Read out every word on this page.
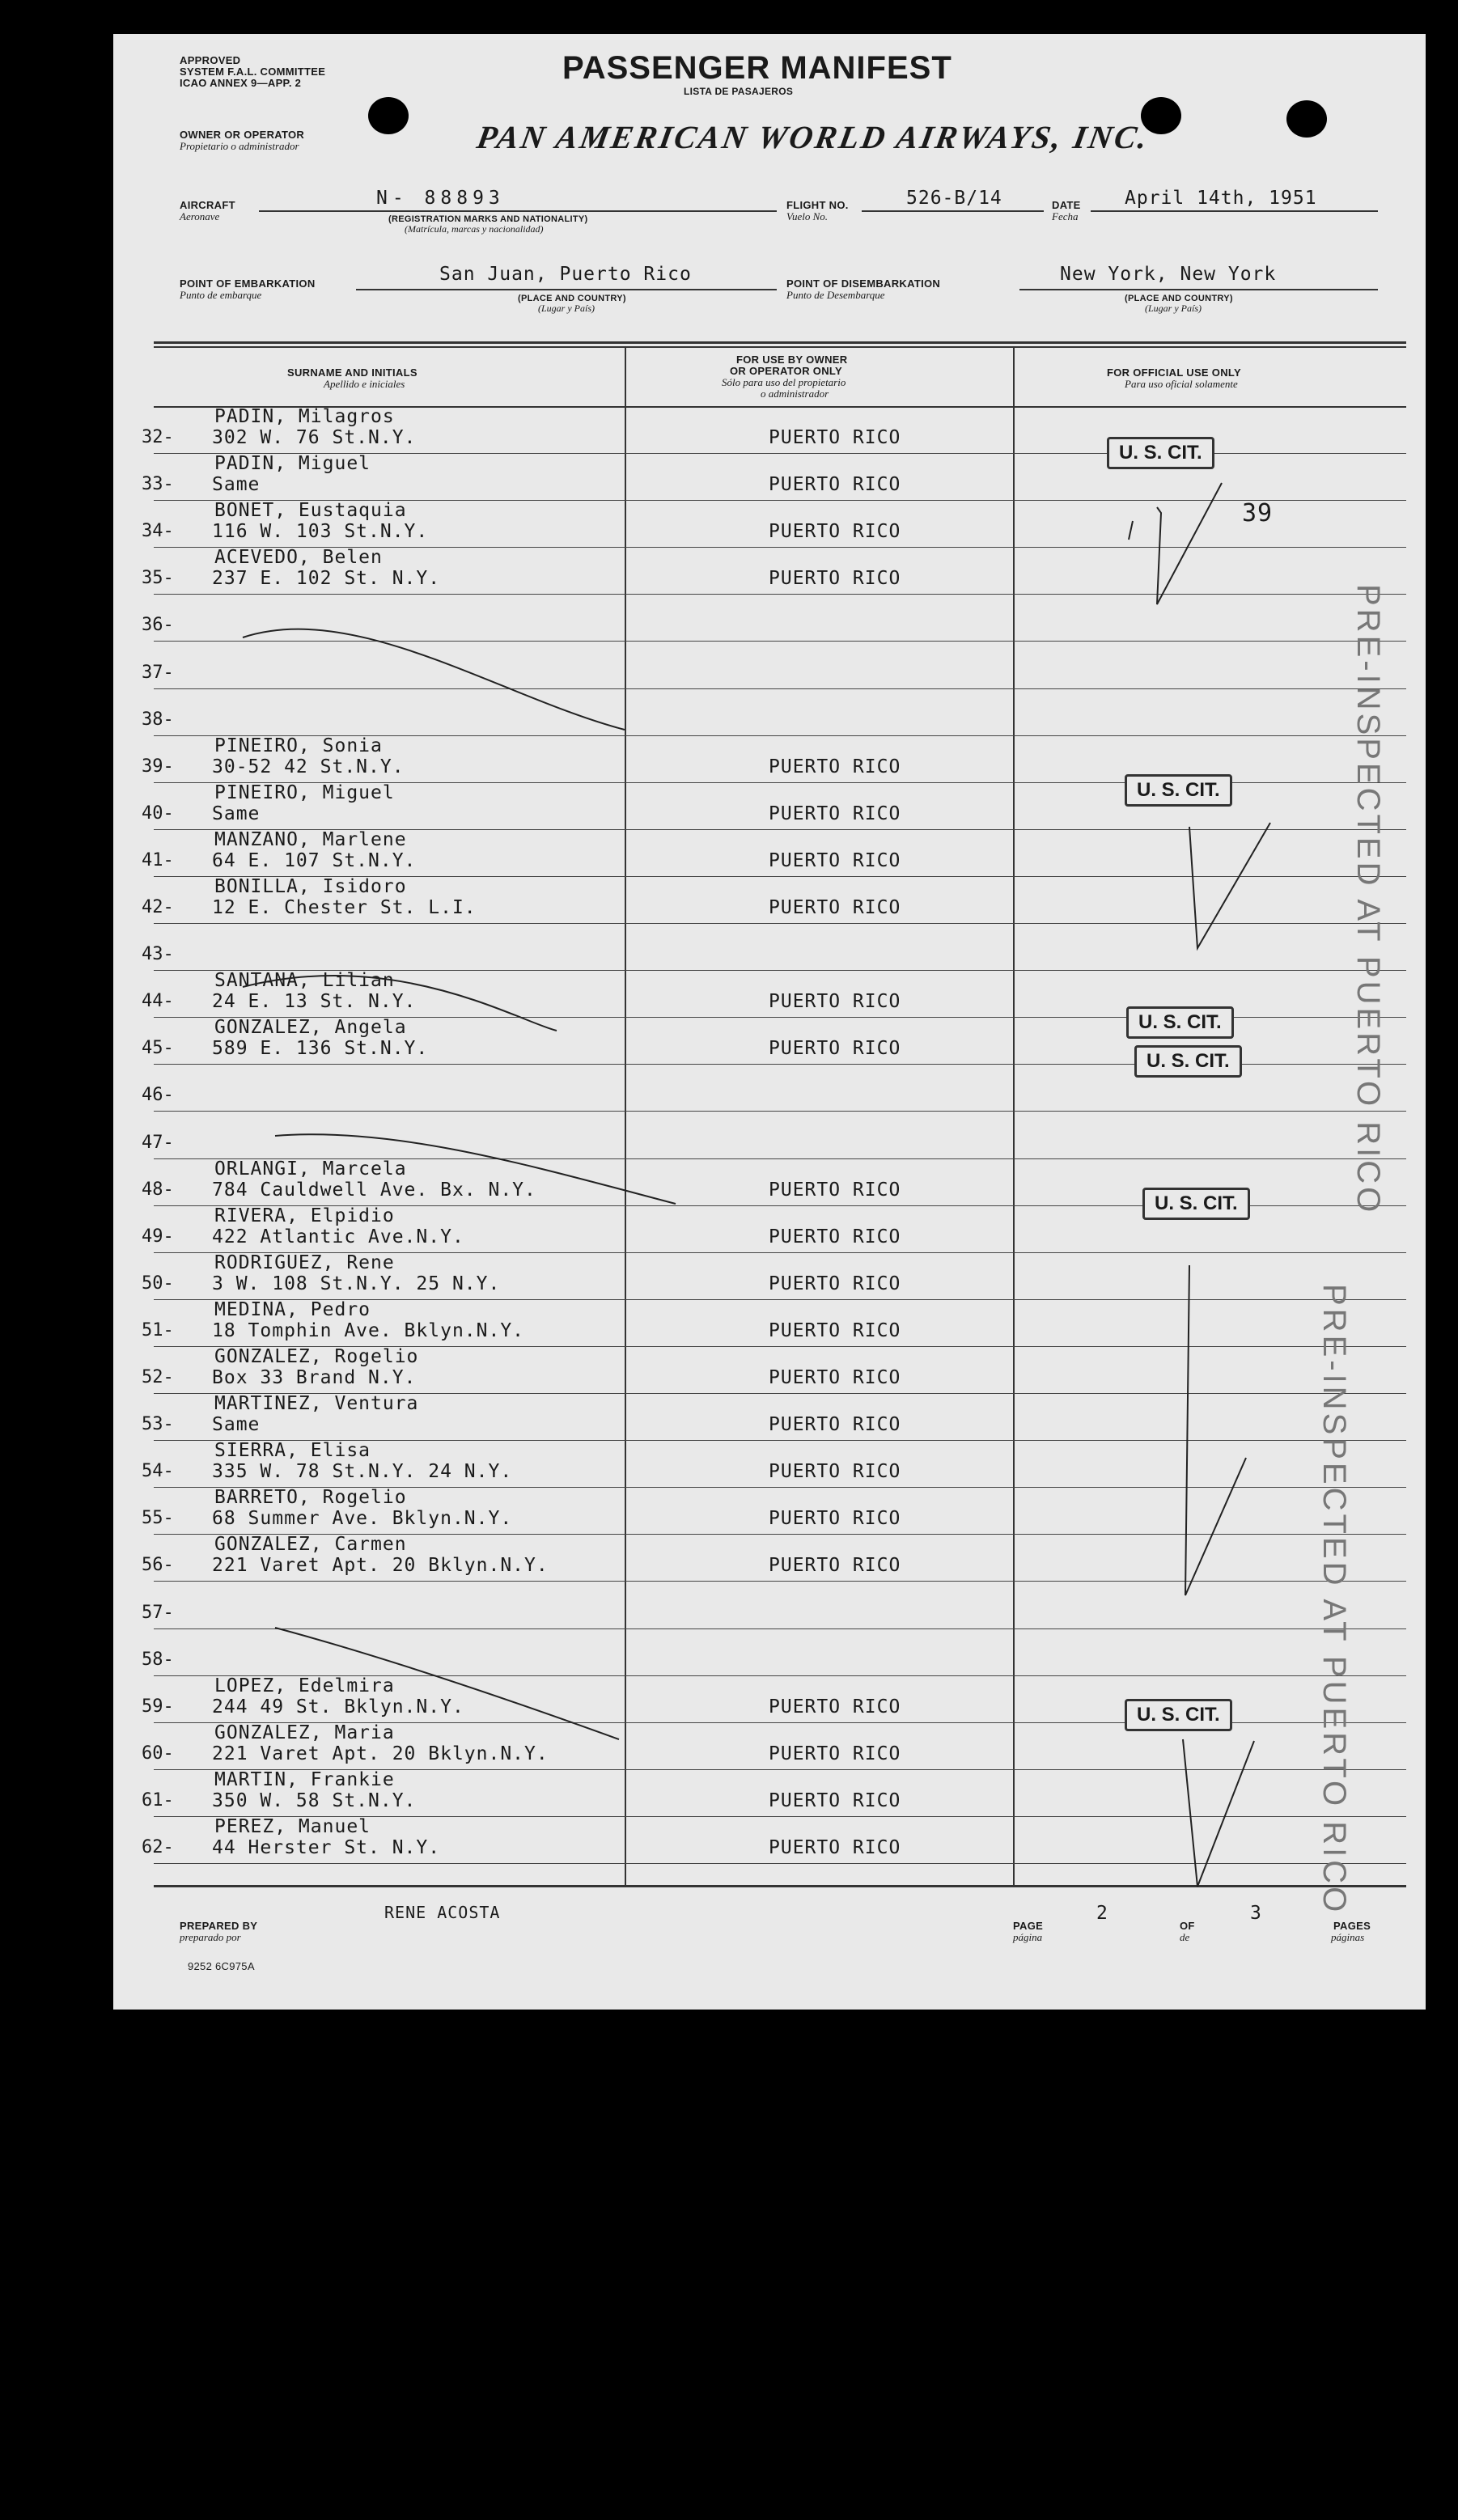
APPROVED
SYSTEM F.A.L. COMMITTEE
ICAO ANNEX 9—APP. 2	PASSENGER MANIFEST
LISTA DE PASAJEROS
OWNER OR OPERATOR
Propietario o administrador	PAN AMERICAN WORLD AIRWAYS, INC.
AIRCRAFT
Aeronave
N- 88893
(REGISTRATION MARKS AND NATIONALITY)
(Matrícula, marcas y nacionalidad)
FLIGHT NO.
Vuelo No.
526-B/14	DATE
Fecha
April 14th, 1951
POINT OF EMBARKATION
Punto de embarque
San Juan, Puerto Rico
(PLACE AND COUNTRY)
(Lugar y País)
POINT OF DISEMBARKATION
Punto de Desembarque
New York, New York
(PLACE AND COUNTRY)
(Lugar y País)
SURNAME AND INITIALS
Apellido e iniciales
FOR USE BY OWNER
OR OPERATOR ONLY
Sólo para uso del propietario
o administrador
FOR OFFICIAL USE ONLY
Para uso oficial solamente
32-
PADIN, Milagros
302 W. 76 St.N.Y.	PUERTO RICO
33-
PADIN, Miguel
Same	PUERTO RICO
34-
BONET, Eustaquia
116 W. 103 St.N.Y.	PUERTO RICO
35-
ACEVEDO, Belen
237 E. 102 St. N.Y.	PUERTO RICO
36-
37-
38-
39-
PINEIRO, Sonia
30-52 42 St.N.Y.	PUERTO RICO
40-
PINEIRO, Miguel
Same	PUERTO RICO
41-
MANZANO, Marlene
64 E. 107 St.N.Y.	PUERTO RICO
42-
BONILLA, Isidoro
12 E. Chester St. L.I.	PUERTO RICO
43-
44-
SANTANA, Lilian
24 E. 13 St. N.Y.	PUERTO RICO
45-
GONZALEZ, Angela
589 E. 136 St.N.Y.	PUERTO RICO
46-
47-
48-
ORLANGI, Marcela
784 Cauldwell Ave. Bx. N.Y.	PUERTO RICO
49-
RIVERA, Elpidio
422 Atlantic Ave.N.Y.	PUERTO RICO
50-
RODRIGUEZ, Rene
3 W. 108 St.N.Y. 25 N.Y.	PUERTO RICO
51-
MEDINA, Pedro
18 Tomphin Ave. Bklyn.N.Y.	PUERTO RICO
52-
GONZALEZ, Rogelio
Box 33 Brand N.Y.	PUERTO RICO
53-
MARTINEZ, Ventura
Same	PUERTO RICO
54-
SIERRA, Elisa
335 W. 78 St.N.Y. 24 N.Y.	PUERTO RICO
55-
BARRETO, Rogelio
68 Summer Ave. Bklyn.N.Y.	PUERTO RICO
56-
GONZALEZ, Carmen
221 Varet Apt. 20 Bklyn.N.Y.	PUERTO RICO
57-
58-
59-
LOPEZ, Edelmira
244 49 St. Bklyn.N.Y.	PUERTO RICO
60-
GONZALEZ, Maria
221 Varet Apt. 20 Bklyn.N.Y.	PUERTO RICO
61-
MARTIN, Frankie
350 W. 58 St.N.Y.	PUERTO RICO
62-
PEREZ, Manuel
44 Herster St. N.Y.	PUERTO RICO
U. S. CIT.
U. S. CIT.
U. S. CIT.
U. S. CIT.
U. S. CIT.
U. S. CIT.
39
PRE-INSPECTED AT PUERTO RICO
PRE-INSPECTED AT PUERTO RICO
PREPARED BY
preparado por
RENE ACOSTA
PAGE
página
2
OF
de
3
PAGES
páginas
9252 6C975A
